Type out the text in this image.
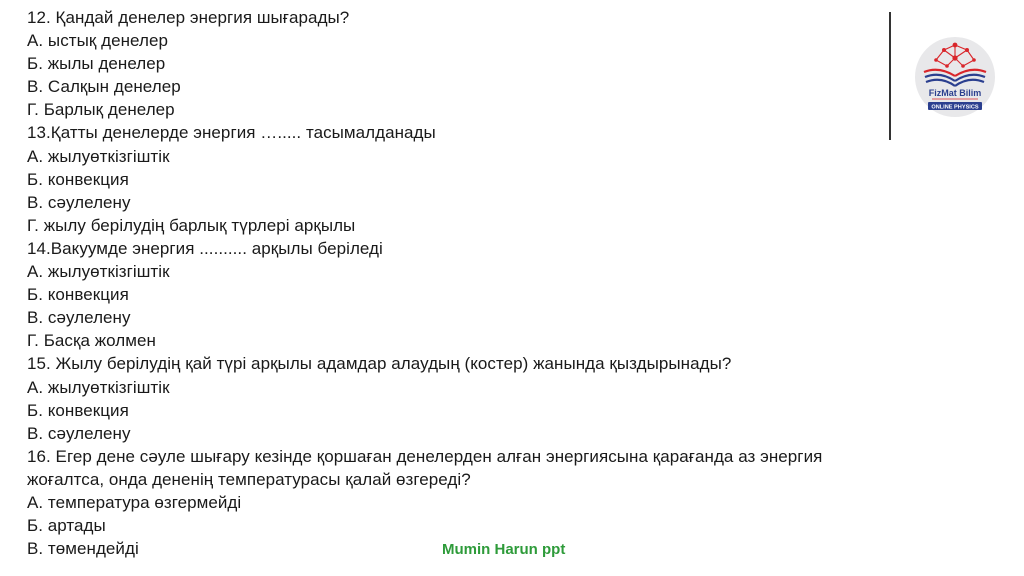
12. Қандай денелер энергия шығарады?
А. ыстық денелер
Б. жылы денелер
В. Салқын денелер
Г. Барлық денелер
13.Қатты денелерде энергия …..... тасымалданады
А. жылуөткізгіштік
Б. конвекция
В. сәулелену
Г. жылу берілудің барлық түрлері арқылы
14.Вакуумде энергия .......... арқылы беріледі
А. жылуөткізгіштік
Б. конвекция
В. сәулелену
Г. Басқа жолмен
15. Жылу берілудің қай түрі арқылы адамдар алаудың (костер) жанында қыздырынады?
А. жылуөткізгіштік
Б. конвекция
В. сәулелену
16. Егер дене сәуле шығару кезінде қоршаған денелерден алған энергиясына қарағанда аз энергия жоғалтса, онда дененің температурасы қалай өзгереді?
А. температура өзгермейді
Б. артады
В. төмендейді
FizMat Bilim
ONLINE PHYSICS
Mumin Harun ppt
